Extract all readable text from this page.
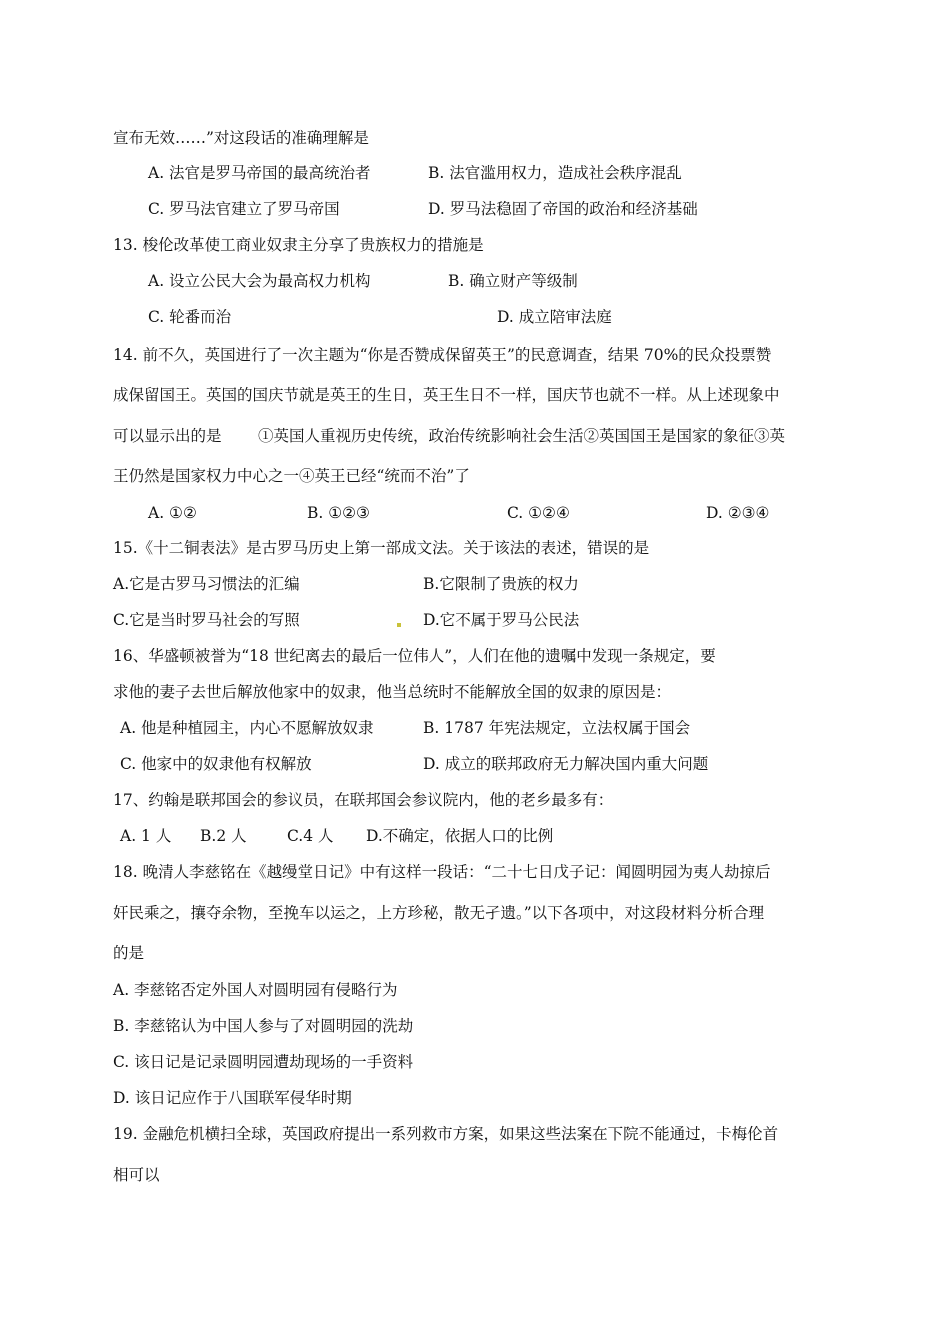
宣布无效……”对这段话的准确理解是
A. 法官是罗马帝国的最高统治者	B. 法官滥用权力，造成社会秩序混乱
C. 罗马法官建立了罗马帝国	D. 罗马法稳固了帝国的政治和经济基础
13. 梭伦改革使工商业奴隶主分享了贵族权力的措施是
A. 设立公民大会为最高权力机构	B. 确立财产等级制
C. 轮番而治	D. 成立陪审法庭
14. 前不久，英国进行了一次主题为“你是否赞成保留英王”的民意调查，结果 70%的民众投票赞
成保留国王。英国的国庆节就是英王的生日，英王生日不一样，国庆节也就不一样。从上述现象中
可以显示出的是 ①英国人重视历史传统，政治传统影响社会生活②英国国王是国家的象征③英
王仍然是国家权力中心之一④英王已经“统而不治”了
A. ①②	B. ①②③	C. ①②④	D. ②③④
15.《十二铜表法》是古罗马历史上第一部成文法。关于该法的表述，错误的是
A.它是古罗马习惯法的汇编	B.它限制了贵族的权力
C.它是当时罗马社会的写照	D.它不属于罗马公民法
16、华盛顿被誉为“18 世纪离去的最后一位伟人”，人们在他的遗嘱中发现一条规定，要
求他的妻子去世后解放他家中的奴隶，他当总统时不能解放全国的奴隶的原因是：
A. 他是种植园主，内心不愿解放奴隶	B. 1787 年宪法规定，立法权属于国会
C. 他家中的奴隶他有权解放	D. 成立的联邦政府无力解决国内重大问题
17、约翰是联邦国会的参议员，在联邦国会参议院内，他的老乡最多有：
A. 1 人 B.2 人	C.4 人 D.不确定，依据人口的比例
18. 晚清人李慈铭在《越缦堂日记》中有这样一段话：“二十七日戊子记：闻圆明园为夷人劫掠后
奸民乘之，攘夺余物，至挽车以运之，上方珍秘，散无孑遗。”以下各项中，对这段材料分析合理
的是
A. 李慈铭否定外国人对圆明园有侵略行为
B. 李慈铭认为中国人参与了对圆明园的洗劫
C. 该日记是记录圆明园遭劫现场的一手资料
D. 该日记应作于八国联军侵华时期
19. 金融危机横扫全球，英国政府提出一系列救市方案，如果这些法案在下院不能通过，卡梅伦首
相可以
